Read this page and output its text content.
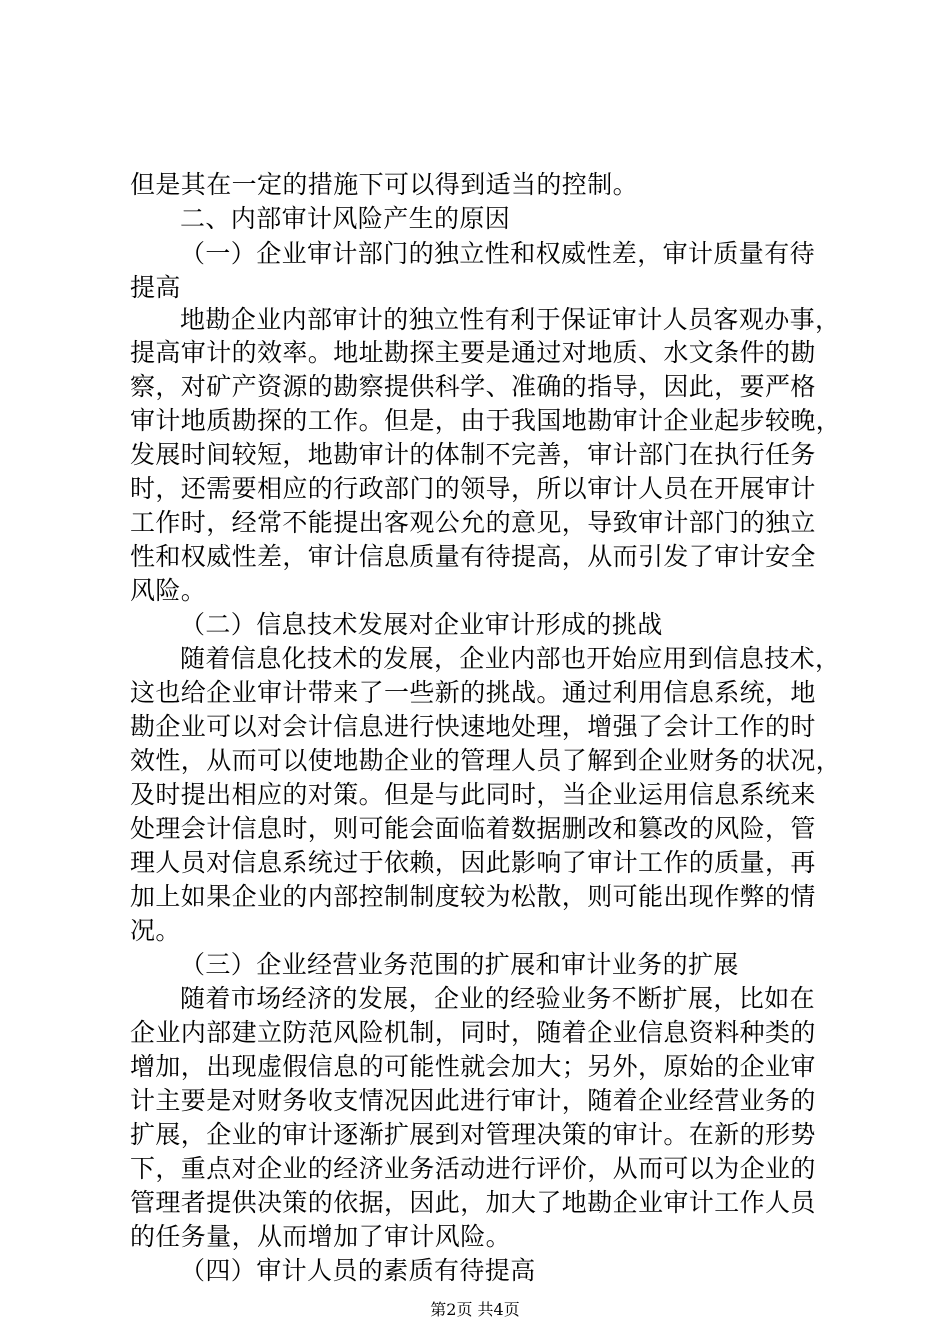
但是其在一定的措施下可以得到适当的控制。
二、内部审计风险产生的原因
（一）企业审计部门的独立性和权威性差，审计质量有待
提高
地勘企业内部审计的独立性有利于保证审计人员客观办事，
提高审计的效率。地址勘探主要是通过对地质、水文条件的勘
察，对矿产资源的勘察提供科学、准确的指导，因此，要严格
审计地质勘探的工作。但是，由于我国地勘审计企业起步较晚，
发展时间较短，地勘审计的体制不完善，审计部门在执行任务
时，还需要相应的行政部门的领导，所以审计人员在开展审计
工作时，经常不能提出客观公允的意见，导致审计部门的独立
性和权威性差，审计信息质量有待提高，从而引发了审计安全
风险。
（二）信息技术发展对企业审计形成的挑战
随着信息化技术的发展，企业内部也开始应用到信息技术，
这也给企业审计带来了一些新的挑战。通过利用信息系统，地
勘企业可以对会计信息进行快速地处理，增强了会计工作的时
效性，从而可以使地勘企业的管理人员了解到企业财务的状况，
及时提出相应的对策。但是与此同时，当企业运用信息系统来
处理会计信息时，则可能会面临着数据删改和篡改的风险，管
理人员对信息系统过于依赖，因此影响了审计工作的质量，再
加上如果企业的内部控制制度较为松散，则可能出现作弊的情
况。
（三）企业经营业务范围的扩展和审计业务的扩展
随着市场经济的发展，企业的经验业务不断扩展，比如在
企业内部建立防范风险机制，同时，随着企业信息资料种类的
增加，出现虚假信息的可能性就会加大；另外，原始的企业审
计主要是对财务收支情况因此进行审计，随着企业经营业务的
扩展，企业的审计逐渐扩展到对管理决策的审计。在新的形势
下，重点对企业的经济业务活动进行评价，从而可以为企业的
管理者提供决策的依据，因此，加大了地勘企业审计工作人员
的任务量，从而增加了审计风险。
（四）审计人员的素质有待提高
第2页 共4页
